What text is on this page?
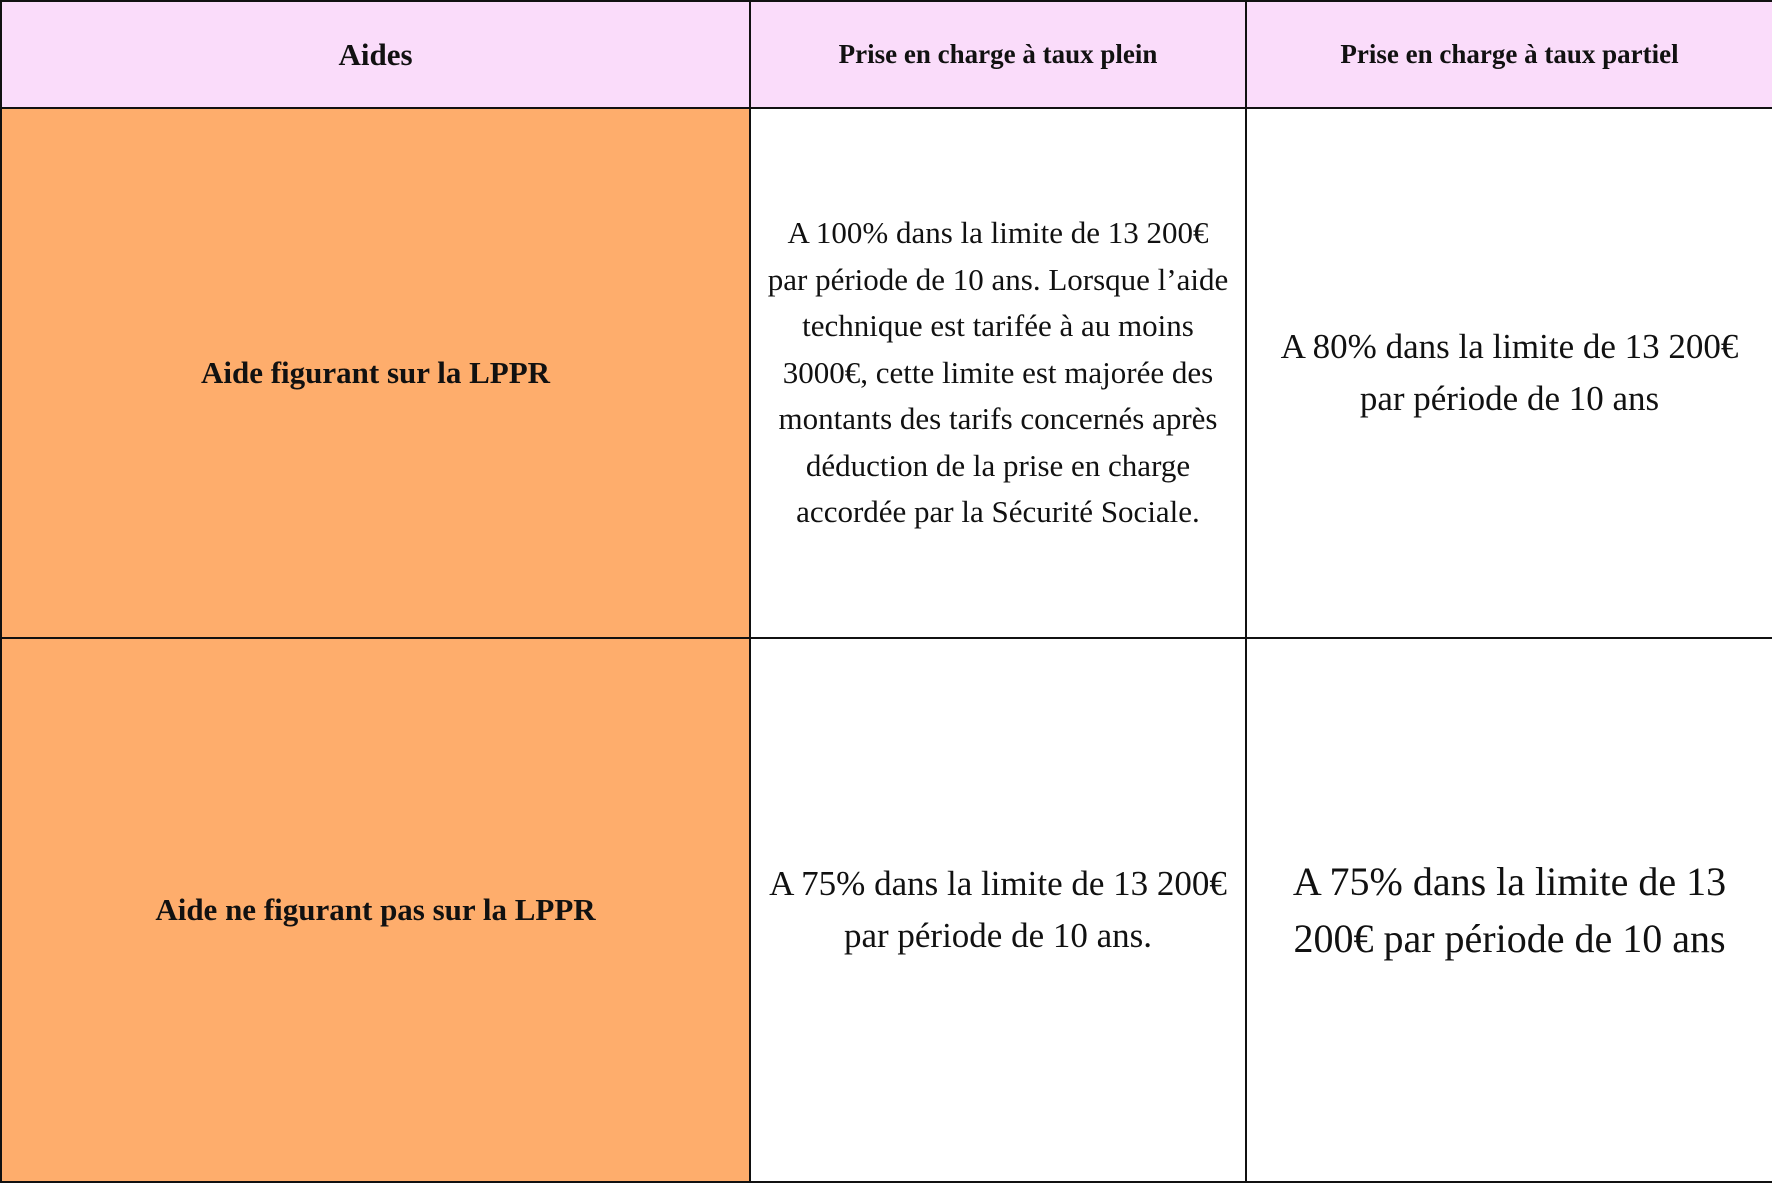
Aides	Prise en charge à taux plein	Prise en charge à taux partiel
Aide figurant sur la LPPR	A 100% dans la limite de 13 200€ par période de 10 ans. Lorsque l’aide technique est tarifée à au moins 3000€, cette limite est majorée des montants des tarifs concernés après déduction de la prise en charge accordée par la Sécurité Sociale.	A 80% dans la limite de 13 200€ par période de 10 ans
Aide ne figurant pas sur la LPPR	A 75% dans la limite de 13 200€ par période de 10 ans.	A 75% dans la limite de 13 200€ par période de 10 ans
